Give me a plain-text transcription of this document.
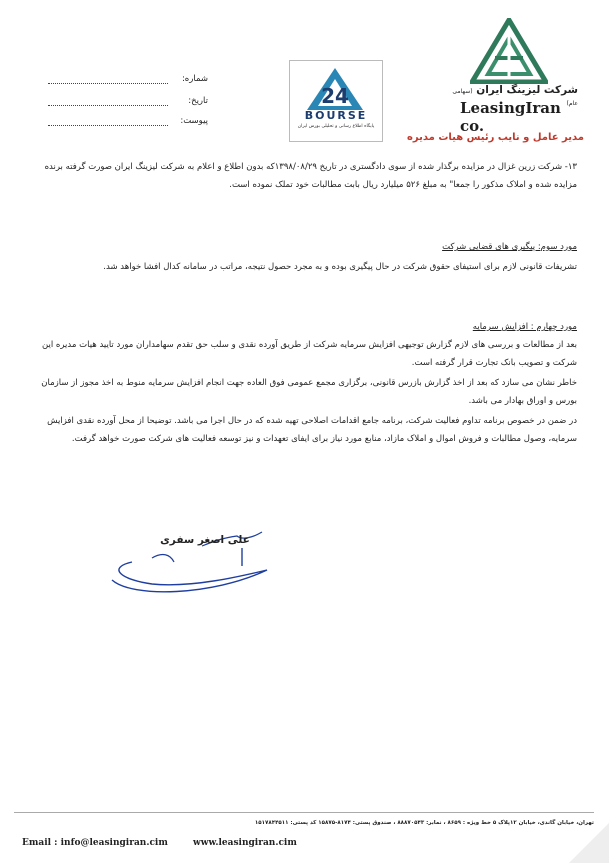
شرکت لیزینگ ایران (سهامی عام)
LeasingIran co.
مدیر عامل و نایب رئیس هیات مدیره
24
BOURSE
پایگاه اطلاع رسانی و تحلیلی بورس ایران
شماره:
تاریخ:
پیوست:
۱۳- شرکت زرین غزال در مزایده برگذار شده از سوی دادگستری در تاریخ ۱۳۹۸/۰۸/۲۹که بدون اطلاع و اعلام به شرکت لیزینگ ایران صورت گرفته برنده مزایده شده و املاک مذکور را جمعا" به مبلغ ۵۲۶ میلیارد ریال بابت مطالبات خود تملک نموده است.
مورد سوم: پیگیری های قضایی شرکت
تشریفات قانونی لازم برای استیفای حقوق شرکت در حال پیگیری بوده و به مجرد حصول نتیجه، مراتب در سامانه کدال افشا خواهد شد.
مورد چهارم : افزایش سرمایه
بعد از مطالعات و بررسی های لازم گزارش توجیهی افزایش سرمایه شرکت از طریق آورده نقدی و سلب حق تقدم سهامداران مورد تایید هیات مدیره این شرکت و تصویب بانک تجارت قرار گرفته است.
خاطر نشان می سازد که بعد از اخذ گزارش بازرس قانونی، برگزاری مجمع عمومی فوق العاده جهت انجام افزایش سرمایه منوط به اخذ مجوز از سازمان بورس و اوراق بهادار می باشد.
در ضمن در خصوص برنامه تداوم فعالیت شرکت، برنامه جامع اقدامات اصلاحی تهیه شده که در حال اجرا می باشد. توضیحا از محل آورده نقدی افزایش سرمایه، وصول مطالبات و فروش اموال و املاک مازاد، منابع مورد نیاز برای ایفای تعهدات و نیز توسعه فعالیت های شرکت صورت خواهد گرفت.
علی اصغر سفری
تهران، خیابان گاندی، خیابان ۱۲پلاک ۵ خط ویژه : ۸۶۵۹ ، نمابر: ۸۸۸۷۰۵۴۳ ، صندوق پستی: ۸۱۷۴-۱۵۸۷۵ کد پستی: ۱۵۱۷۸۴۴۵۱۱
Email : info@leasingiran.cim	www.leasingiran.cim
